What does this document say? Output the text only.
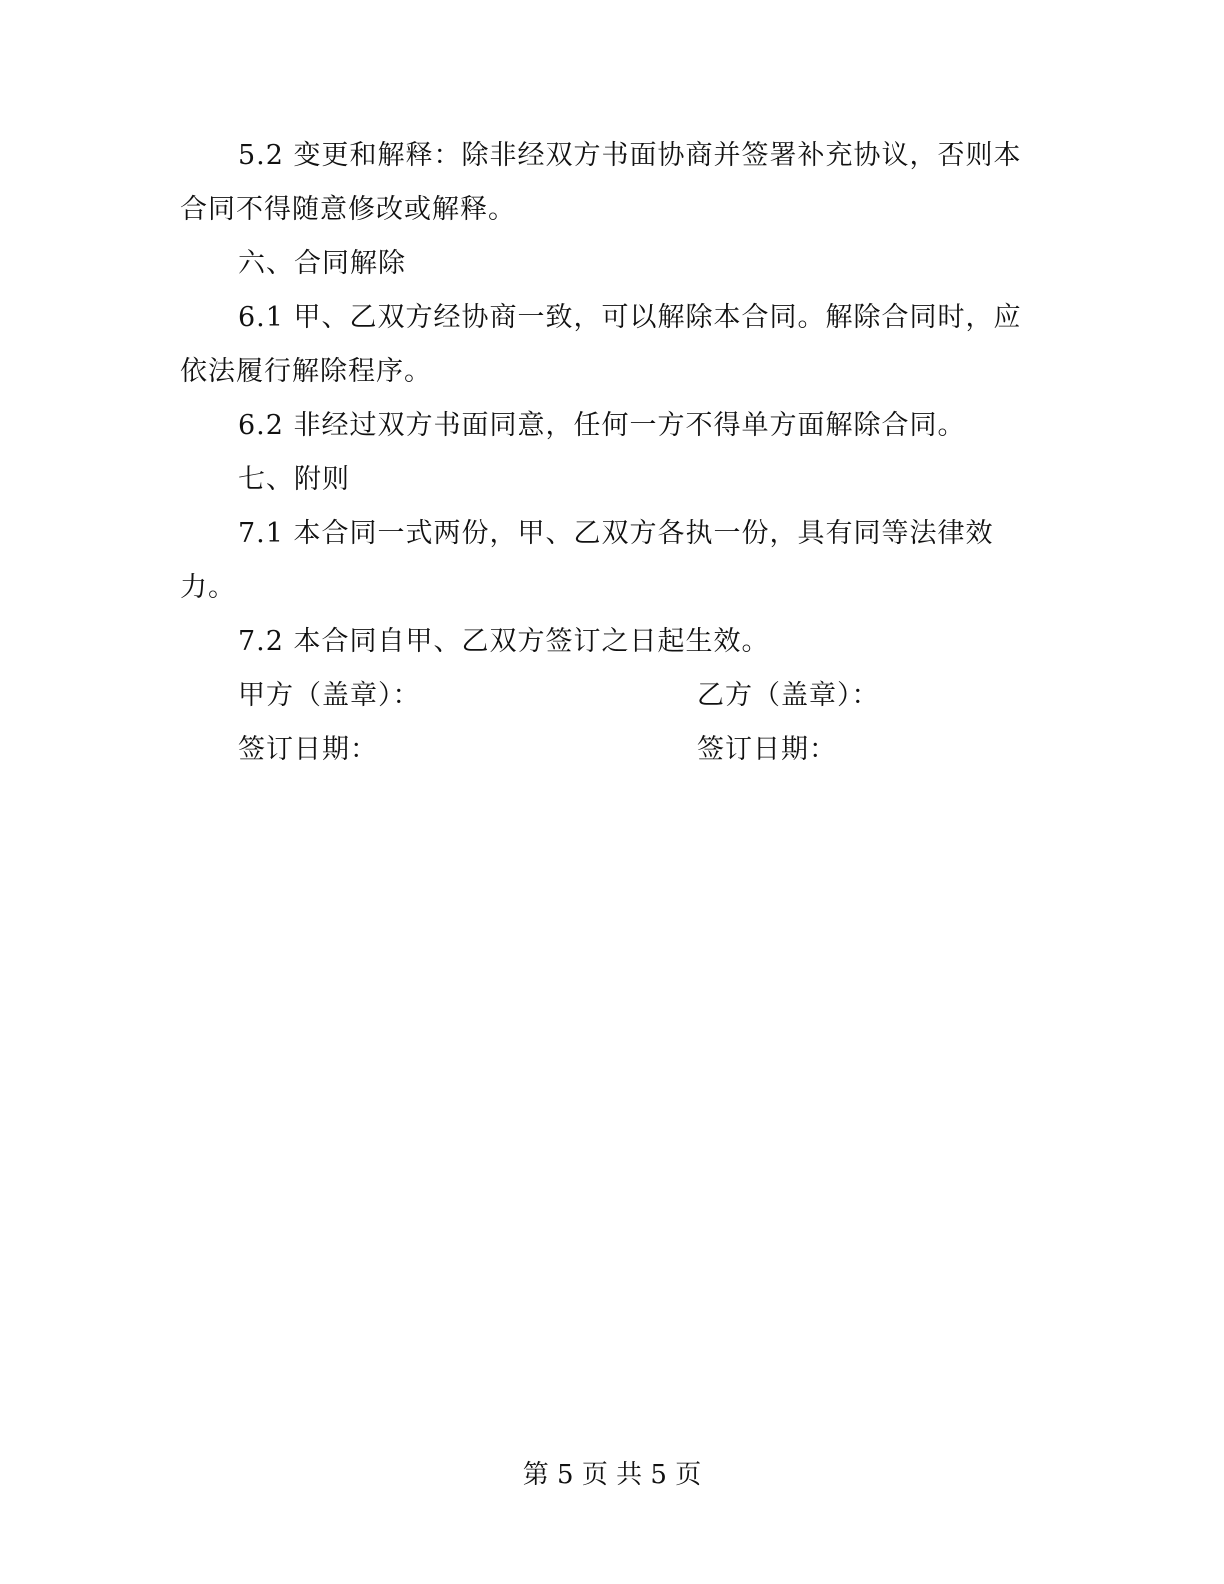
5.2 变更和解释：除非经双方书面协商并签署补充协议，否则本
合同不得随意修改或解释。
六、合同解除
6.1 甲、乙双方经协商一致，可以解除本合同。解除合同时，应
依法履行解除程序。
6.2 非经过双方书面同意，任何一方不得单方面解除合同。
七、附则
7.1 本合同一式两份，甲、乙双方各执一份，具有同等法律效
力。
7.2 本合同自甲、乙双方签订之日起生效。
甲方（盖章）：	乙方（盖章）：
签订日期：	签订日期：
第 5 页 共 5 页
